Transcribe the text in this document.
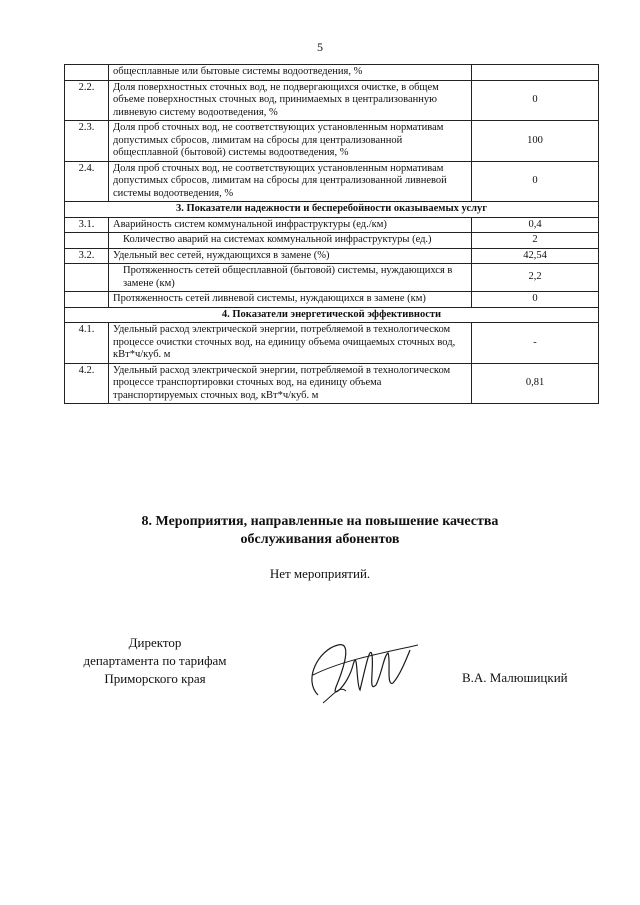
5
	общесплавные или бытовые системы водоотведения, %	
2.2.	Доля поверхностных сточных вод, не подвергающихся очистке, в общем объеме поверхностных сточных вод, принимаемых в централизованную ливневую систему водоотведения, %	0
2.3.	Доля проб сточных вод, не соответствующих установленным нормативам допустимых сбросов, лимитам на сбросы для централизованной общесплавной (бытовой) системы водоотведения, %	100
2.4.	Доля проб сточных вод, не соответствующих установленным нормативам допустимых сбросов, лимитам на сбросы для централизованной ливневой системы водоотведения, %	0
3. Показатели надежности и бесперебойности оказываемых услуг		
3.1.	Аварийность систем коммунальной инфраструктуры (ед./км)	0,4
	Количество аварий на системах коммунальной инфраструктуры (ед.)	2
3.2.	Удельный вес сетей, нуждающихся в замене (%)	42,54
	Протяженность сетей общесплавной (бытовой) системы, нуждающихся в замене (км)	2,2
	Протяженность сетей ливневой системы, нуждающихся в замене (км)	0
4. Показатели энергетической эффективности		
4.1.	Удельный расход электрической энергии, потребляемой в технологическом процессе очистки сточных вод, на единицу объема очищаемых сточных вод, кВт*ч/куб. м	-
4.2.	Удельный расход электрической энергии, потребляемой в технологическом процессе транспортировки сточных вод, на единицу объема транспортируемых сточных вод, кВт*ч/куб. м	0,81
8. Мероприятия, направленные на повышение качества
обслуживания абонентов
Нет мероприятий.
Директор
департамента по тарифам
Приморского края	В.А. Малюшицкий
